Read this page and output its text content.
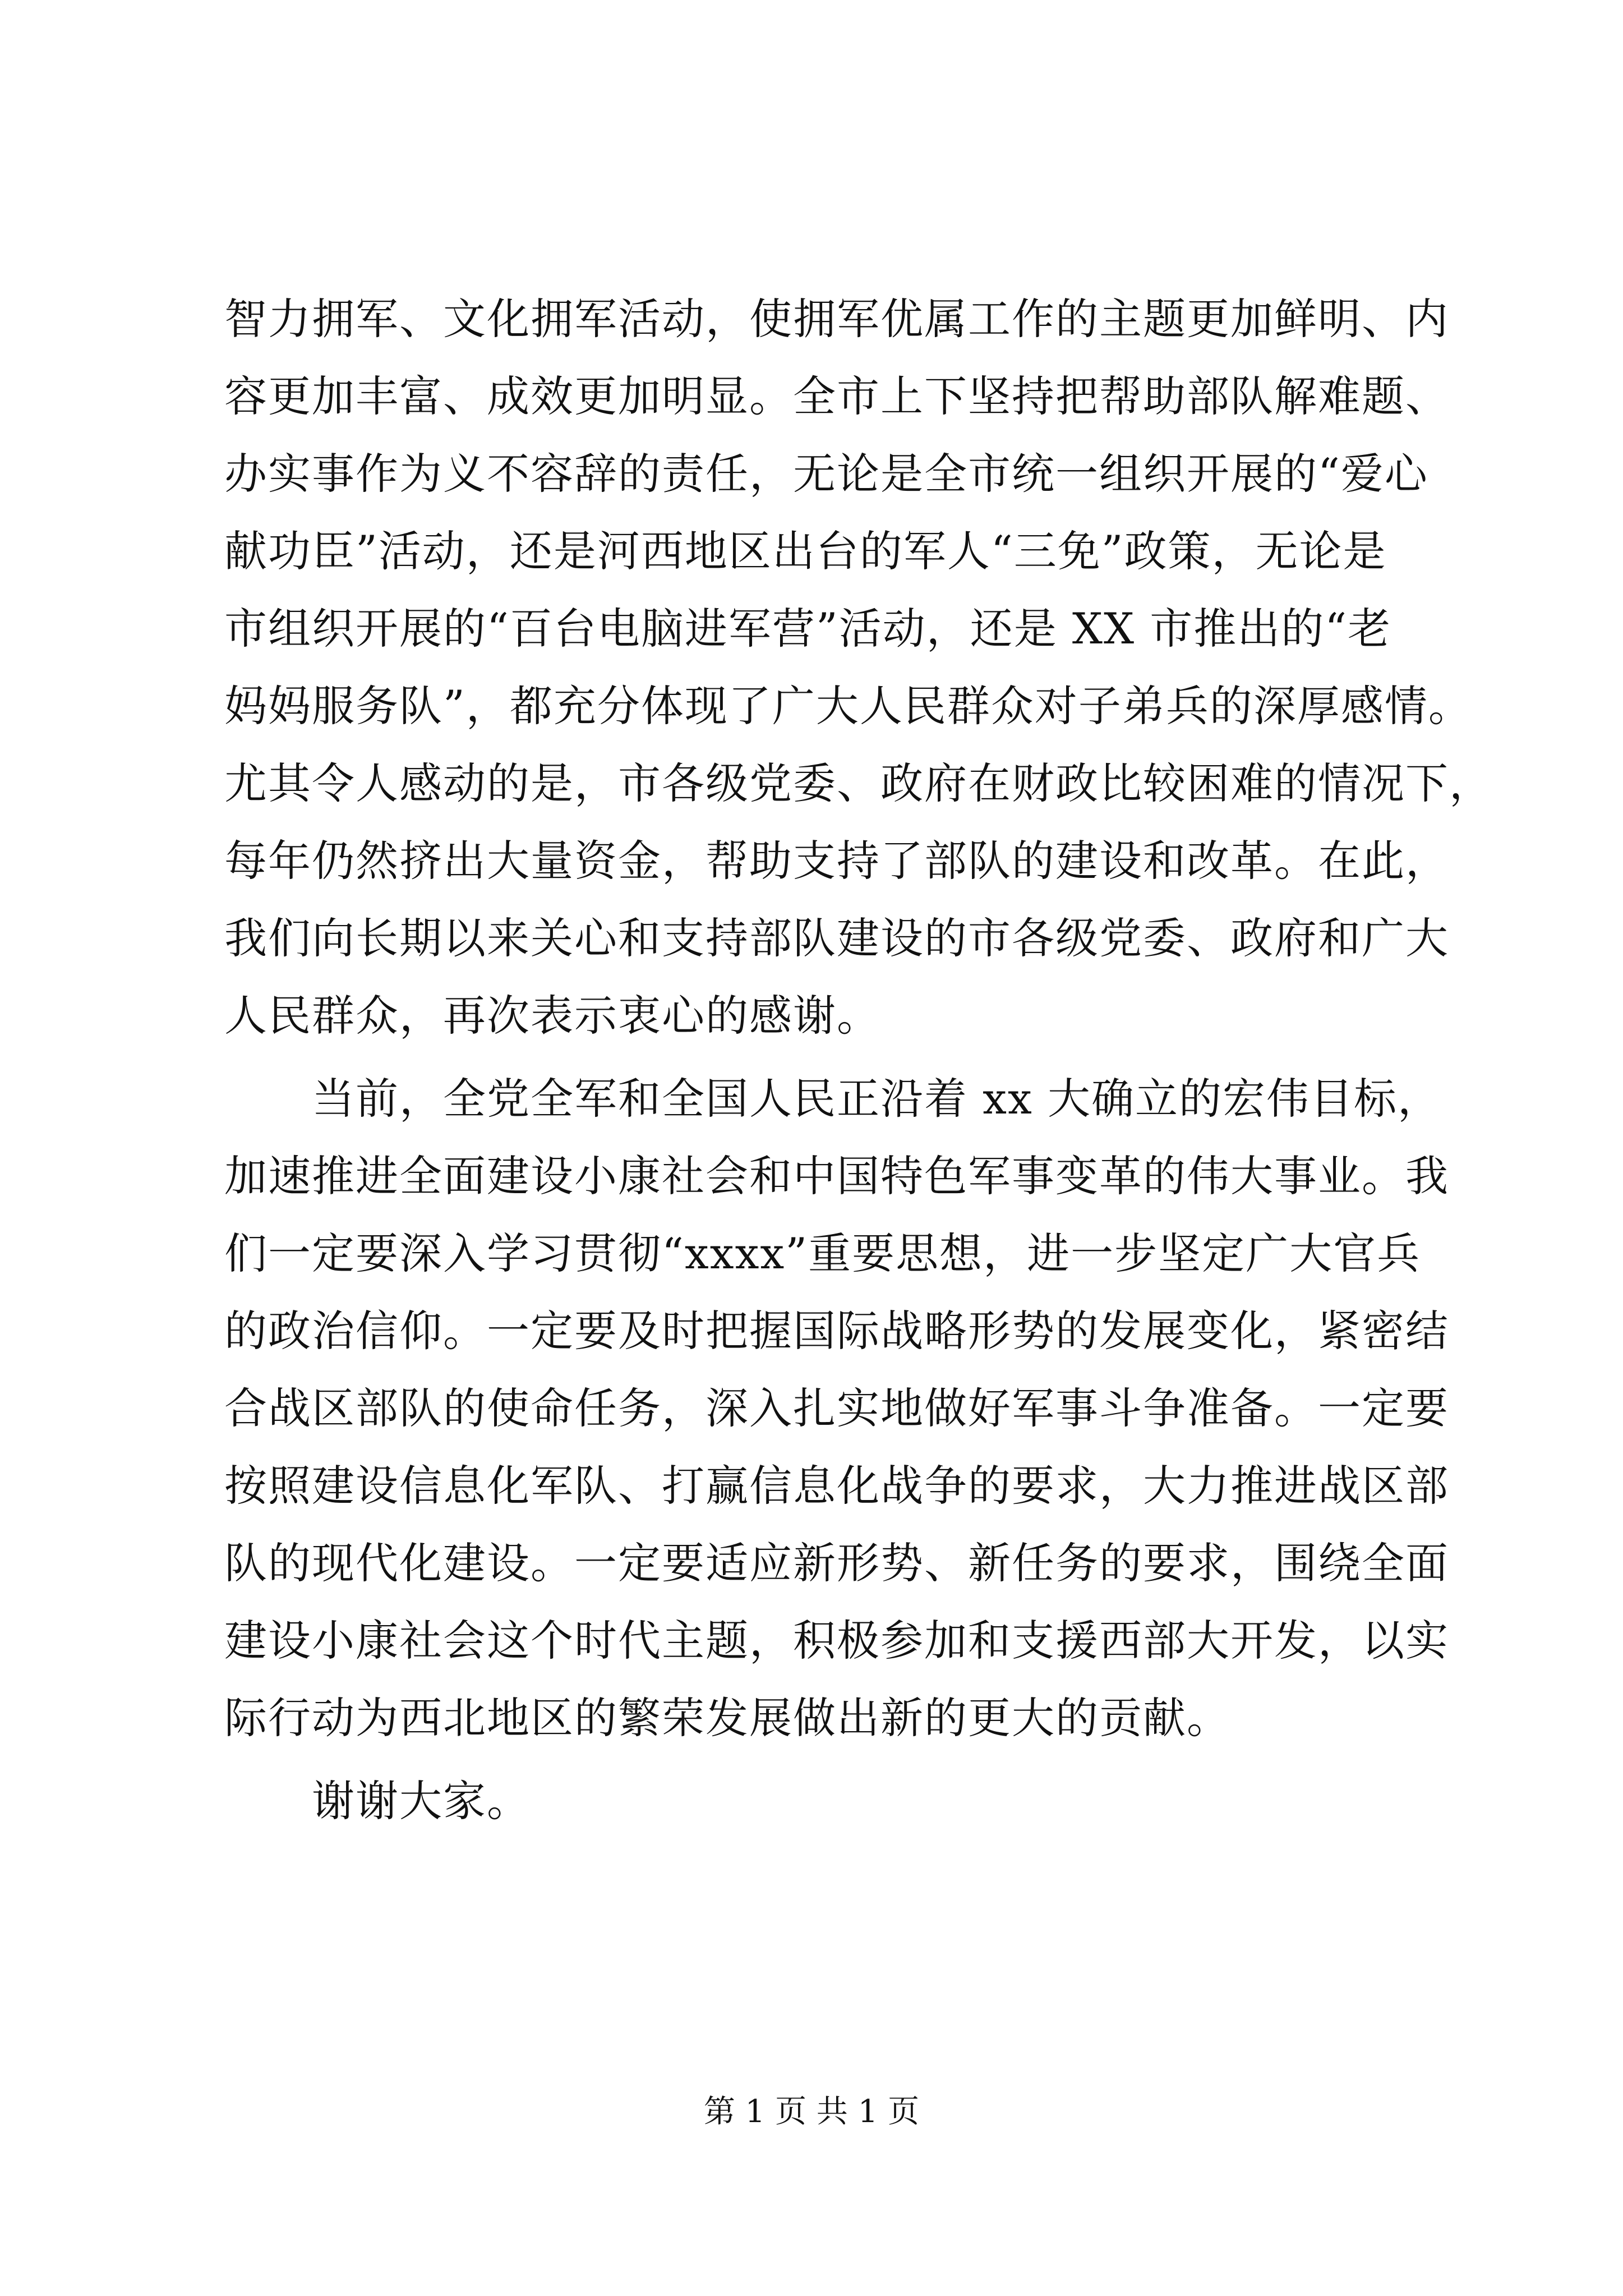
智力拥军、文化拥军活动，使拥军优属工作的主题更加鲜明、内
容更加丰富、成效更加明显。全市上下坚持把帮助部队解难题、
办实事作为义不容辞的责任，无论是全市统一组织开展的“爱心
献功臣”活动，还是河西地区出台的军人“三免”政策，无论是
市组织开展的“百台电脑进军营”活动，还是 XX 市推出的“老
妈妈服务队”，都充分体现了广大人民群众对子弟兵的深厚感情。
尤其令人感动的是，市各级党委、政府在财政比较困难的情况下，
每年仍然挤出大量资金，帮助支持了部队的建设和改革。在此，
我们向长期以来关心和支持部队建设的市各级党委、政府和广大
人民群众，再次表示衷心的感谢。
　　当前，全党全军和全国人民正沿着 xx 大确立的宏伟目标，
加速推进全面建设小康社会和中国特色军事变革的伟大事业。我
们一定要深入学习贯彻“xxxx”重要思想，进一步坚定广大官兵
的政治信仰。一定要及时把握国际战略形势的发展变化，紧密结
合战区部队的使命任务，深入扎实地做好军事斗争准备。一定要
按照建设信息化军队、打赢信息化战争的要求，大力推进战区部
队的现代化建设。一定要适应新形势、新任务的要求，围绕全面
建设小康社会这个时代主题，积极参加和支援西部大开发，以实
际行动为西北地区的繁荣发展做出新的更大的贡献。
　　谢谢大家。
第 1 页 共 1 页
